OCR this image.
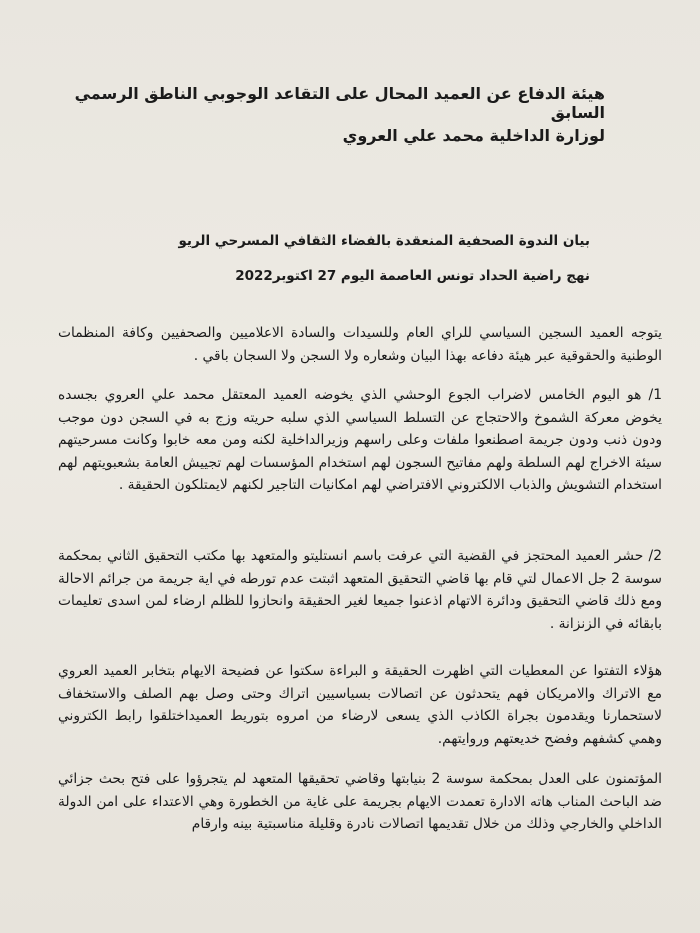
هيئة الدفاع عن العميد المحال على التقاعد الوجوبي الناطق الرسمي السابق
لوزارة الداخلية محمد علي العروي
بيان الندوة الصحفية المنعقدة بالفضاء الثقافي المسرحي الريو
نهج راضية الحداد تونس العاصمة اليوم 27 اكتوبر2022

يتوجه العميد السجين السياسي للراي العام وللسيدات والسادة الاعلاميين والصحفيين وكافة المنظمات الوطنية والحقوقية عبر هيئة دفاعه بهذا البيان وشعاره ولا السجن ولا السجان باقي .

1/ هو اليوم الخامس لاضراب الجوع الوحشي الذي يخوضه العميد المعتقل محمد علي العروي بجسده يخوض معركة الشموخ والاحتجاج عن التسلط السياسي الذي سلبه حريته وزج به في السجن دون موجب ودون ذنب ودون جريمة اصطنعوا ملفات وعلى راسهم وزيرالداخلية لكنه ومن معه خابوا وكانت مسرحيتهم سيئة الاخراج لهم السلطة ولهم مفاتيح السجون لهم استخدام المؤسسات لهم تجييش العامة بشعبويتهم لهم استخدام التشويش والذباب الالكتروني الافتراضي لهم امكانيات التاجير لكنهم لايمتلكون الحقيقة .

2/ حشر العميد المحتجز في القضية التي عرفت باسم انستليتو والمتعهد بها مكتب التحقيق الثاني بمحكمة سوسة 2 جل الاعمال لتي قام بها قاضي التحقيق المتعهد اثبتت عدم تورطه في اية جريمة من جرائم الاحالة ومع ذلك قاضي التحقيق ودائرة الاتهام اذعنوا جميعا لغير الحقيقة وانحازوا للظلم ارضاء لمن اسدى تعليمات بابقائه في الزنزانة .

هؤلاء التفتوا عن المعطيات التي اظهرت الحقيقة و البراءة سكتوا عن فضيحة الايهام بتخابر العميد العروي مع الاتراك والامريكان فهم يتحدثون عن اتصالات بسياسيين اتراك وحتى وصل بهم الصلف والاستخفاف لاستحمارنا ويقدمون بجراة الكاذب الذي يسعى لارضاء من امروه بتوريط العميداختلقوا رابط الكتروني وهمي كشفهم وفضح خديعتهم وروايتهم.

المؤتمنون على العدل بمحكمة سوسة 2 بنيابتها وقاضي تحقيقها المتعهد لم يتجرؤوا على فتح بحث جزائي ضد الباحث المناب هاته الادارة تعمدت الايهام بجريمة على غاية من الخطورة وهي الاعتداء على امن الدولة الداخلي والخارجي وذلك من خلال تقديمها اتصالات نادرة وقليلة مناسبتية بينه وارقام
